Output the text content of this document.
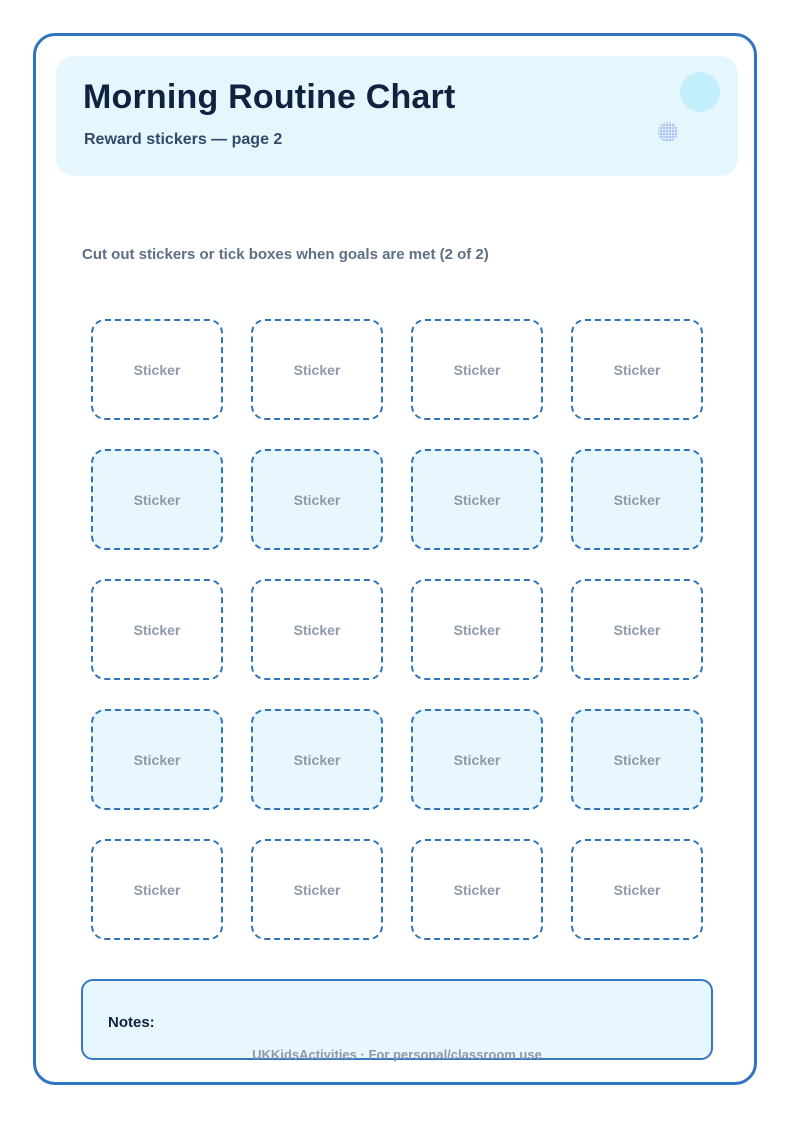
Morning Routine Chart
Reward stickers — page 2
Cut out stickers or tick boxes when goals are met (2 of 2)
Sticker	Sticker	Sticker	Sticker
Sticker	Sticker	Sticker	Sticker
Sticker	Sticker	Sticker	Sticker
Sticker	Sticker	Sticker	Sticker
Sticker	Sticker	Sticker	Sticker
Notes:
UKKidsActivities · For personal/classroom use
